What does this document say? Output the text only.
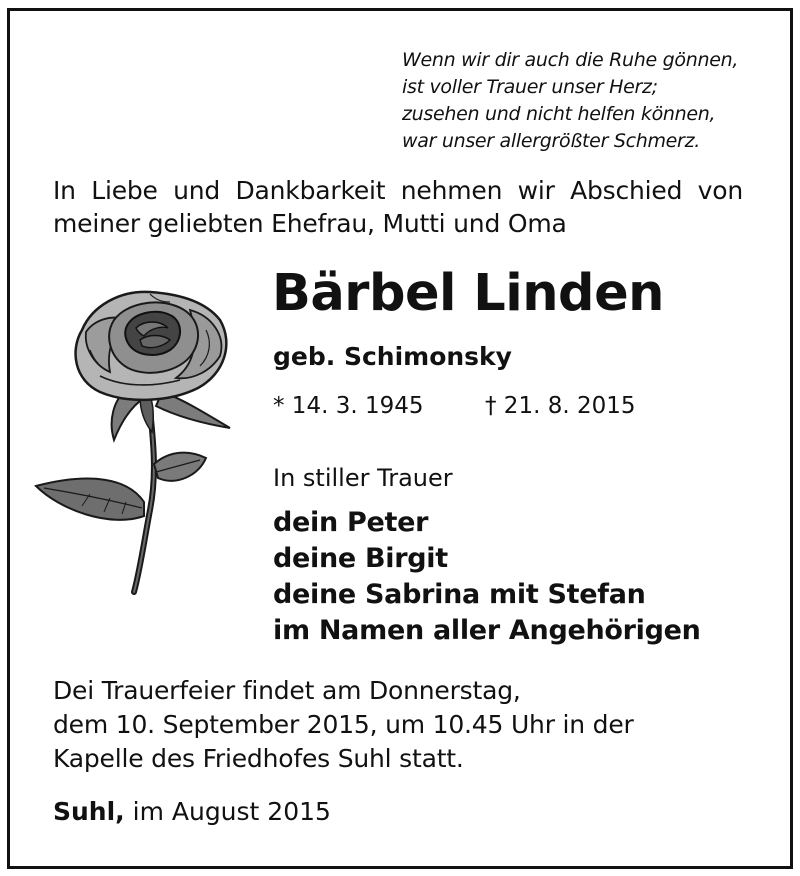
Wenn wir dir auch die Ruhe gönnen,
ist voller Trauer unser Herz;
zusehen und nicht helfen können,
war unser allergrößter Schmerz.
In Liebe und Dankbarkeit nehmen wir Abschied von
meiner geliebten Ehefrau, Mutti und Oma
Bärbel Linden
geb. Schimonsky
* 14. 3. 1945	† 21. 8. 2015
In stiller Trauer
dein Peter
deine Birgit
deine Sabrina mit Stefan
im Namen aller Angehörigen
Dei Trauerfeier findet am Donnerstag,
dem 10. September 2015, um 10.45 Uhr in der
Kapelle des Friedhofes Suhl statt.
Suhl, im August 2015
